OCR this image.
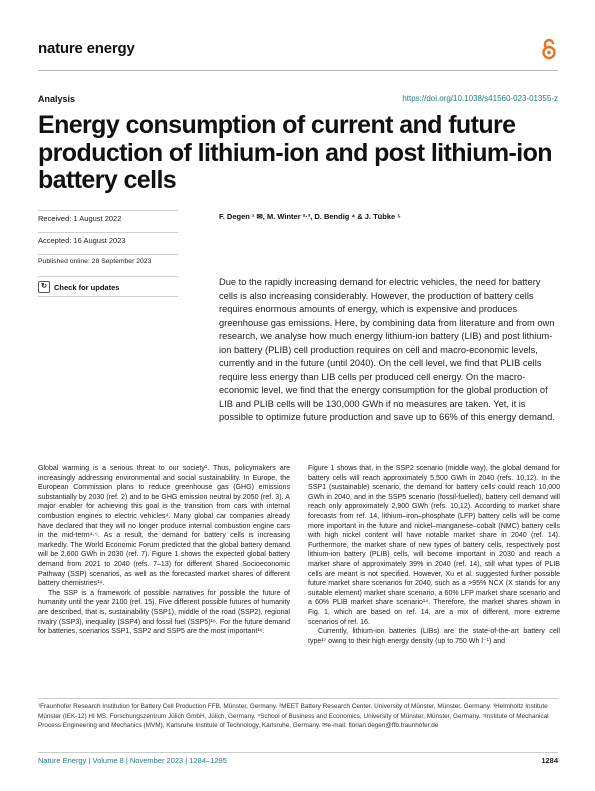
nature energy
Analysis	https://doi.org/10.1038/s41560-023-01355-z
Energy consumption of current and future production of lithium-ion and post lithium-ion battery cells
Received: 1 August 2022
Accepted: 16 August 2023
Published online: 28 September 2023
↻ Check for updates
F. Degen ¹ ✉, M. Winter ²·³, D. Bendig ⁴ & J. Tübke ⁵
Due to the rapidly increasing demand for electric vehicles, the need for battery cells is also increasing considerably. However, the production of battery cells requires enormous amounts of energy, which is expensive and produces greenhouse gas emissions. Here, by combining data from literature and from own research, we analyse how much energy lithium-ion battery (LIB) and post lithium-ion battery (PLIB) cell production requires on cell and macro-economic levels, currently and in the future (until 2040). On the cell level, we find that PLIB cells require less energy than LIB cells per produced cell energy. On the macro-economic level, we find that the energy consumption for the global production of LIB and PLIB cells will be 130,000 GWh if no measures are taken. Yet, it is possible to optimize future production and save up to 66% of this energy demand.

Global warming is a serious threat to our society¹. Thus, policymakers are increasingly addressing environmental and social sustainability. In Europe, the European Commission plans to reduce greenhouse gas (GHG) emissions substantially by 2030 (ref. 2) and to be GHG emission neutral by 2050 (ref. 3). A major enabler for achieving this goal is the transition from cars with internal combustion engines to electric vehicles⁴. Many global car companies already have declared that they will no longer produce internal combustion engine cars in the mid-term⁴·⁵. As a result, the demand for battery cells is increasing markedly. The World Economic Forum predicted that the global battery demand will be 2,600 GWh in 2030 (ref. 7). Figure 1 shows the expected global battery demand from 2021 to 2040 (refs. 7–13) for different Shared Socioeconomic Pathway (SSP) scenarios, as well as the forecasted market shares of different battery chemistries¹⁴.

The SSP is a framework of possible narratives for possible the future of humanity until the year 2100 (ref. 15). Five different possible futures of humanity are described, that is, sustainability (SSP1), middle of the road (SSP2), regional rivalry (SSP3), inequality (SSP4) and fossil fuel (SSP5)¹⁶. For the future demand for batteries, scenarios SSP1, SSP2 and SSP5 are the most important¹⁶.

Figure 1 shows that, in the SSP2 scenario (middle way), the global demand for battery cells will reach approximately 5,500 GWh in 2040 (refs. 10,12). In the SSP1 (sustainable) scenario, the demand for battery cells could reach 10,000 GWh in 2040, and in the SSP5 scenario (fossil-fuelled), battery cell demand will reach only approximately 2,900 GWh (refs. 10,12). According to market share forecasts from ref. 14, lithium–iron–phosphate (LFP) battery cells will be come more important in the future and nickel–manganese–cobalt (NMC) battery cells with high nickel content will have notable market share in 2040 (ref. 14). Furthermore, the market share of new types of battery cells, respectively post lithium-ion battery (PLIB) cells, will become important in 2030 and reach a market share of approximately 39% in 2040 (ref. 14), still what types of PLIB cells are meant is not specified. However, Xu et al. suggested further possible future market share scenarios for 2040, such as a >95% NCX (X stands for any suitable element) market share scenario, a 60% LFP market share scenario and a 60% PLIB market share scenario¹⁴. Therefore, the market shares shown in Fig. 1, which are based on ref. 14, are a mix of different, more extreme scenarios of ref. 16.

Currently, lithium-ion batteries (LIBs) are the state-of-the-art battery cell type¹⁷ owing to their high energy density (up to 750 Wh l⁻¹) and

¹Fraunhofer Research Institution for Battery Cell Production FFB, Münster, Germany. ²MEET Battery Research Center, University of Münster, Münster, Germany. ³Helmholtz Institute Münster (IEK-12) HI MS, Forschungszentrum Jülich GmbH, Jülich, Germany. ⁴School of Business and Economics, University of Münster, Münster, Germany. ⁵Institute of Mechanical Process Engineering and Mechanics (MVM), Karlsruhe Institute of Technology, Karlsruhe, Germany. ✉e-mail: florian.degen@ffb.fraunhofer.de
Nature Energy | Volume 8 | November 2023 | 1284–1295	1284
